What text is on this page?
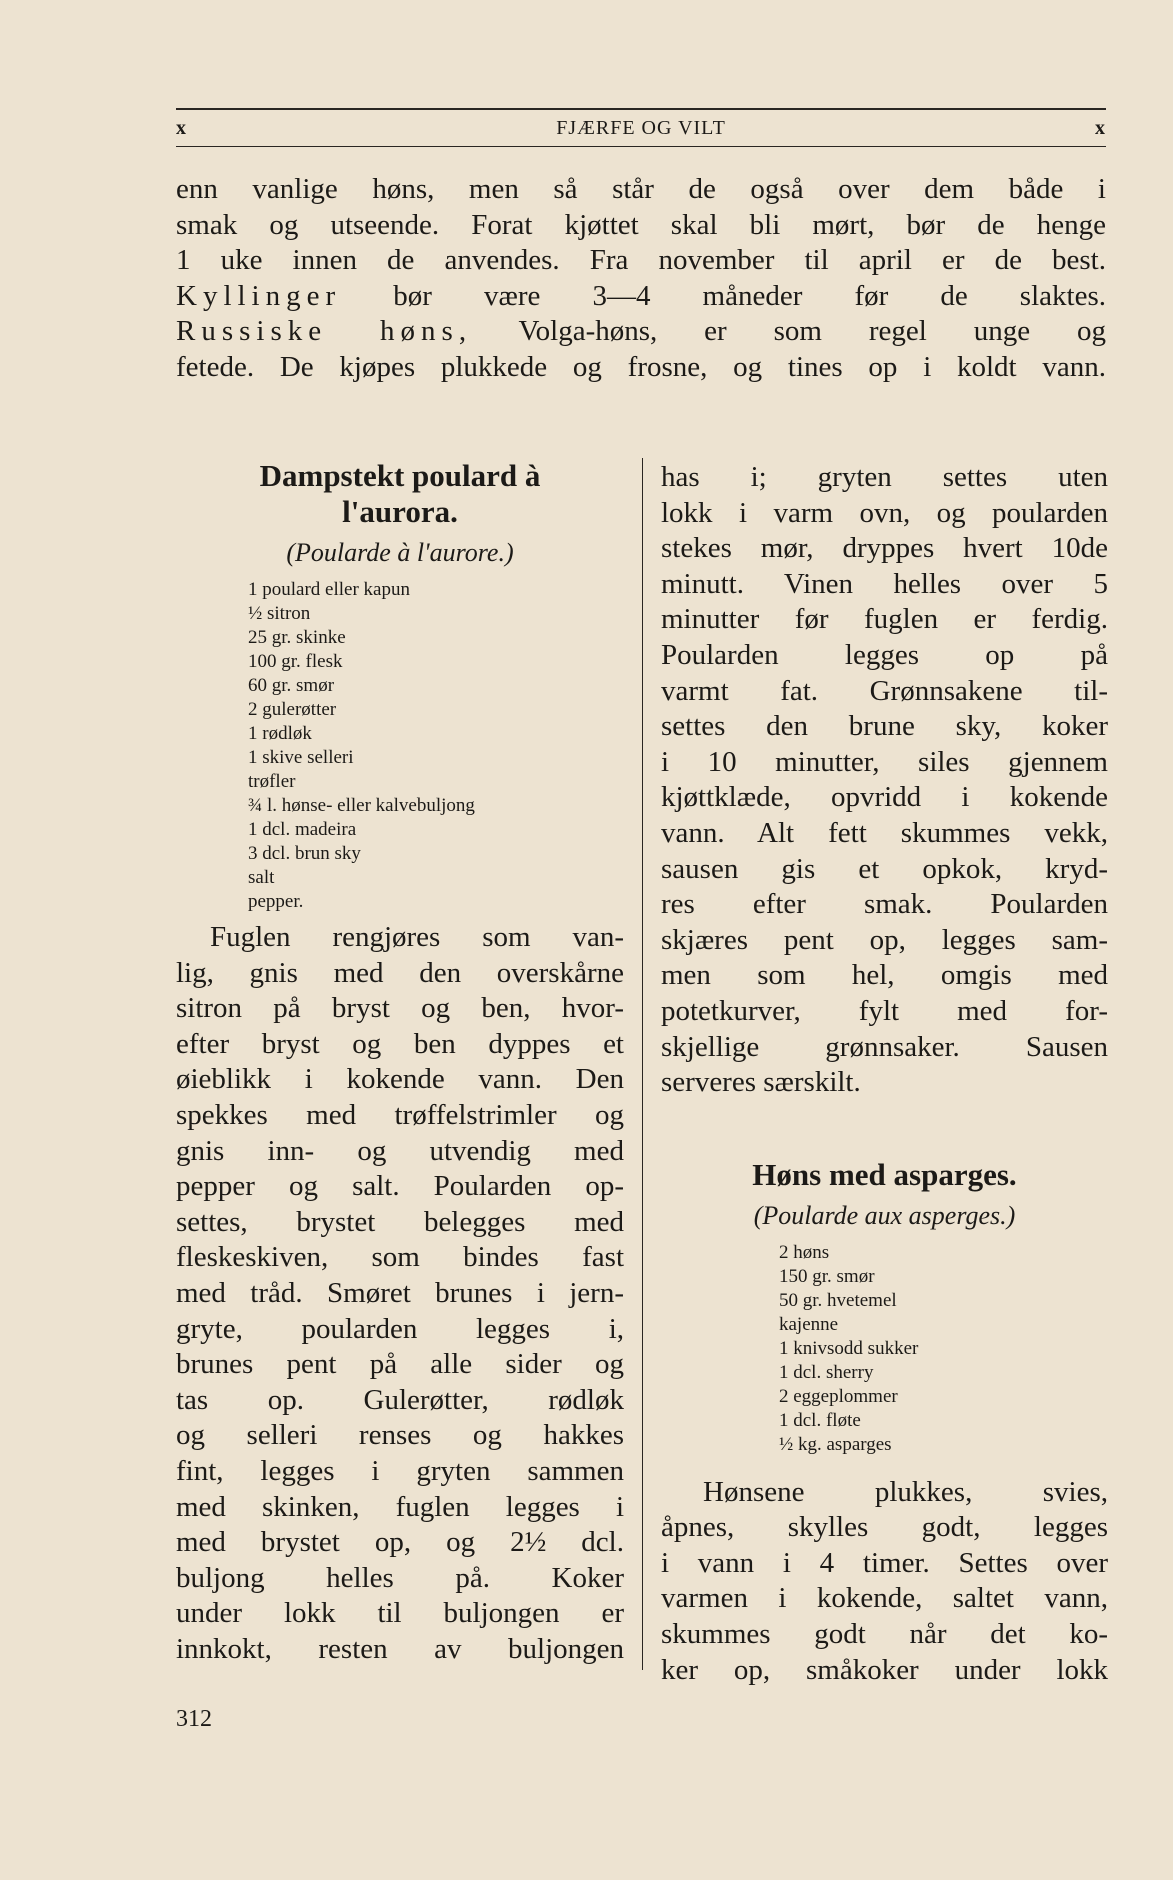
x	FJÆRFE OG VILT	x

enn vanlige høns, men så står de også over dem både i

smak og utseende. Forat kjøttet skal bli mørt, bør de henge

1 uke innen de anvendes. Fra november til april er de best.

Kyllinger bør være 3—4 måneder før de slaktes.

Russiske høns, Volga-høns, er som regel unge og

fetede. De kjøpes plukkede og frosne, og tines op i koldt vann.

Dampstekt poulard à
l'aurora.

(Poularde à l'aurore.)

1 poulard eller kapun
½ sitron
25 gr. skinke
100 gr. flesk
60 gr. smør
2 gulerøtter
1 rødløk
1 skive selleri
trøfler
¾ l. hønse- eller kalvebuljong
1 dcl. madeira
3 dcl. brun sky
salt
pepper.

Fuglen rengjøres som van-

lig, gnis med den overskårne

sitron på bryst og ben, hvor-

efter bryst og ben dyppes et

øieblikk i kokende vann. Den

spekkes med trøffelstrimler og

gnis inn- og utvendig med

pepper og salt. Poularden op-

settes, brystet belegges med

fleskeskiven, som bindes fast

med tråd. Smøret brunes i jern-

gryte, poularden legges i,

brunes pent på alle sider og

tas op. Gulerøtter, rødløk

og selleri renses og hakkes

fint, legges i gryten sammen

med skinken, fuglen legges i

med brystet op, og 2½ dcl.

buljong helles på. Koker

under lokk til buljongen er

innkokt, resten av buljongen

has i; gryten settes uten

lokk i varm ovn, og poularden

stekes mør, dryppes hvert 10de

minutt. Vinen helles over 5

minutter før fuglen er ferdig.

Poularden legges op på

varmt fat. Grønnsakene til-

settes den brune sky, koker

i 10 minutter, siles gjennem

kjøttklæde, opvridd i kokende

vann. Alt fett skummes vekk,

sausen gis et opkok, kryd-

res efter smak. Poularden

skjæres pent op, legges sam-

men som hel, omgis med

potetkurver, fylt med for-

skjellige grønnsaker. Sausen

serveres særskilt.

Høns med asparges.

(Poularde aux asperges.)

2 høns
150 gr. smør
50 gr. hvetemel
kajenne
1 knivsodd sukker
1 dcl. sherry
2 eggeplommer
1 dcl. fløte
½ kg. asparges

Hønsene plukkes, svies,

åpnes, skylles godt, legges

i vann i 4 timer. Settes over

varmen i kokende, saltet vann,

skummes godt når det ko-

ker op, småkoker under lokk

312
